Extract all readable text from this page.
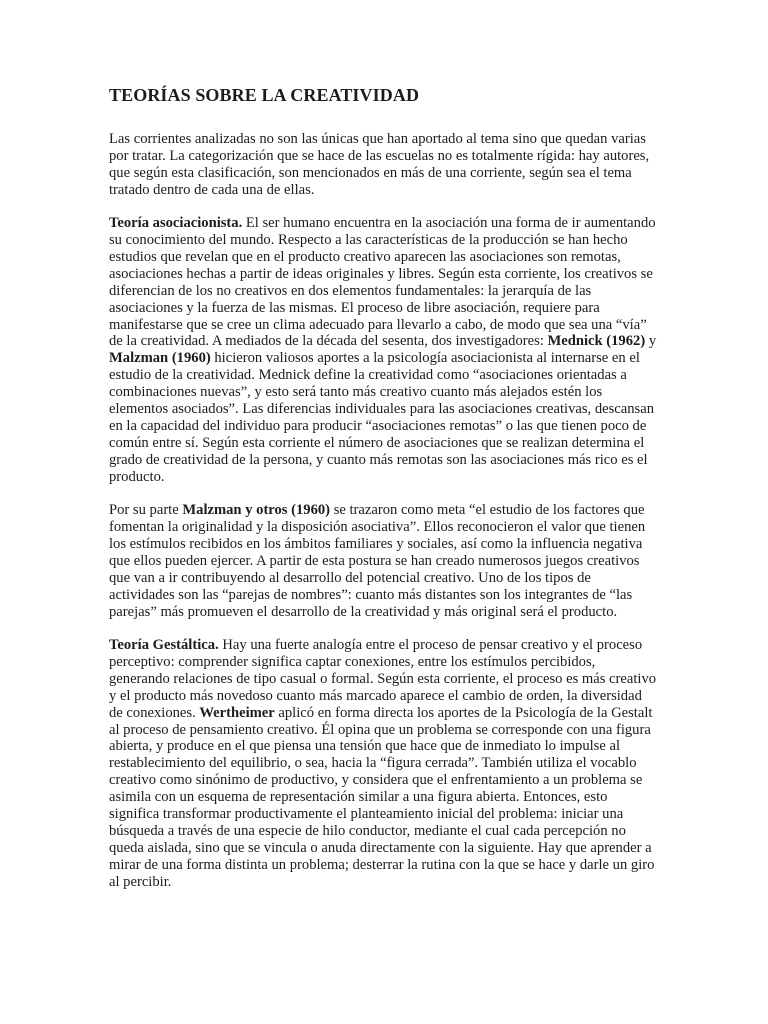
TEORÍAS SOBRE LA CREATIVIDAD

Las corrientes analizadas no son las únicas que han aportado al tema sino que quedan varias por tratar. La categorización que se hace de las escuelas no es totalmente rígida: hay autores, que según esta clasificación, son mencionados en más de una corriente, según sea el tema tratado dentro de cada una de ellas.

Teoría asociacionista. El ser humano encuentra en la asociación una forma de ir aumentando su conocimiento del mundo. Respecto a las características de la producción se han hecho estudios que revelan que en el producto creativo aparecen las asociaciones son remotas, asociaciones hechas a partir de ideas originales y libres. Según esta corriente, los creativos se diferencian de los no creativos en dos elementos fundamentales: la jerarquía de las asociaciones y la fuerza de las mismas. El proceso de libre asociación, requiere para manifestarse que se cree un clima adecuado para llevarlo a cabo, de modo que sea una “vía” de la creatividad. A mediados de la década del sesenta, dos investigadores: Mednick (1962) y Malzman (1960) hicieron valiosos aportes a la psicología asociacionista al internarse en el estudio de la creatividad. Mednick define la creatividad como “asociaciones orientadas a combinaciones nuevas”, y esto será tanto más creativo cuanto más alejados estén los elementos asociados”. Las diferencias individuales para las asociaciones creativas, descansan en la capacidad del individuo para producir “asociaciones remotas” o las que tienen poco de común entre sí. Según esta corriente el número de asociaciones que se realizan determina el grado de creatividad de la persona, y cuanto más remotas son las asociaciones más rico es el producto.

Por su parte Malzman y otros (1960) se trazaron como meta “el estudio de los factores que fomentan la originalidad y la disposición asociativa”. Ellos reconocieron el valor que tienen los estímulos recibidos en los ámbitos familiares y sociales, así como la influencia negativa que ellos pueden ejercer. A partir de esta postura se han creado numerosos juegos creativos que van a ir contribuyendo al desarrollo del potencial creativo. Uno de los tipos de actividades son las “parejas de nombres”: cuanto más distantes son los integrantes de “las parejas” más promueven el desarrollo de la creatividad y más original será el producto.

Teoría Gestáltica. Hay una fuerte analogía entre el proceso de pensar creativo y el proceso perceptivo: comprender significa captar conexiones, entre los estímulos percibidos, generando relaciones de tipo casual o formal. Según esta corriente, el proceso es más creativo y el producto más novedoso cuanto más marcado aparece el cambio de orden, la diversidad de conexiones. Wertheimer aplicó en forma directa los aportes de la Psicología de la Gestalt al proceso de pensamiento creativo. Él opina que un problema se corresponde con una figura abierta, y produce en el que piensa una tensión que hace que de inmediato lo impulse al restablecimiento del equilibrio, o sea, hacia la “figura cerrada”. También utiliza el vocablo creativo como sinónimo de productivo, y considera que el enfrentamiento a un problema se asimila con un esquema de representación similar a una figura abierta. Entonces, esto significa transformar productivamente el planteamiento inicial del problema: iniciar una búsqueda a través de una especie de hilo conductor, mediante el cual cada percepción no queda aislada, sino que se vincula o anuda directamente con la siguiente. Hay que aprender a mirar de una forma distinta un problema; desterrar la rutina con la que se hace y darle un giro al percibir.
